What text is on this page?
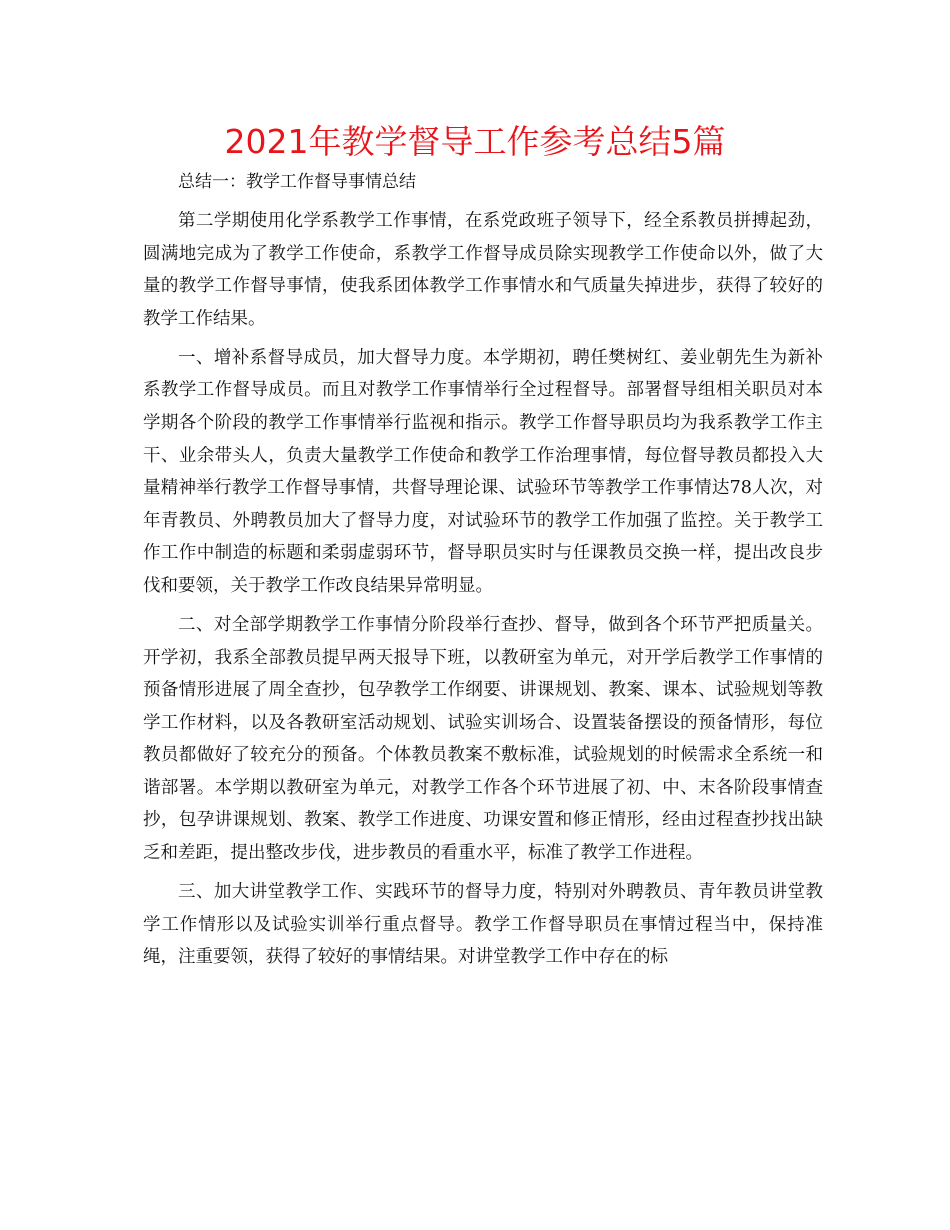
2021年教学督导工作参考总结5篇
总结一：教学工作督导事情总结

第二学期使用化学系教学工作事情，在系党政班子领导下，经全系教员拼搏起劲，圆满地完成为了教学工作使命，系教学工作督导成员除实现教学工作使命以外，做了大量的教学工作督导事情，使我系团体教学工作事情水和气质量失掉进步，获得了较好的教学工作结果。

一、增补系督导成员，加大督导力度。本学期初，聘任樊树红、姜业朝先生为新补系教学工作督导成员。而且对教学工作事情举行全过程督导。部署督导组相关职员对本学期各个阶段的教学工作事情举行监视和指示。教学工作督导职员均为我系教学工作主干、业余带头人，负责大量教学工作使命和教学工作治理事情，每位督导教员都投入大量精神举行教学工作督导事情，共督导理论课、试验环节等教学工作事情达78人次，对年青教员、外聘教员加大了督导力度，对试验环节的教学工作加强了监控。关于教学工作工作中制造的标题和柔弱虚弱环节，督导职员实时与任课教员交换一样，提出改良步伐和要领，关于教学工作改良结果异常明显。

二、对全部学期教学工作事情分阶段举行查抄、督导，做到各个环节严把质量关。开学初，我系全部教员提早两天报导下班，以教研室为单元，对开学后教学工作事情的预备情形进展了周全查抄，包孕教学工作纲要、讲课规划、教案、课本、试验规划等教学工作材料，以及各教研室活动规划、试验实训场合、设置装备摆设的预备情形，每位教员都做好了较充分的预备。个体教员教案不敷标准，试验规划的时候需求全系统一和谐部署。本学期以教研室为单元，对教学工作各个环节进展了初、中、末各阶段事情查抄，包孕讲课规划、教案、教学工作进度、功课安置和修正情形，经由过程查抄找出缺乏和差距，提出整改步伐，进步教员的看重水平，标准了教学工作进程。

三、加大讲堂教学工作、实践环节的督导力度，特别对外聘教员、青年教员讲堂教学工作情形以及试验实训举行重点督导。教学工作督导职员在事情过程当中，保持准绳，注重要领，获得了较好的事情结果。对讲堂教学工作中存在的标
